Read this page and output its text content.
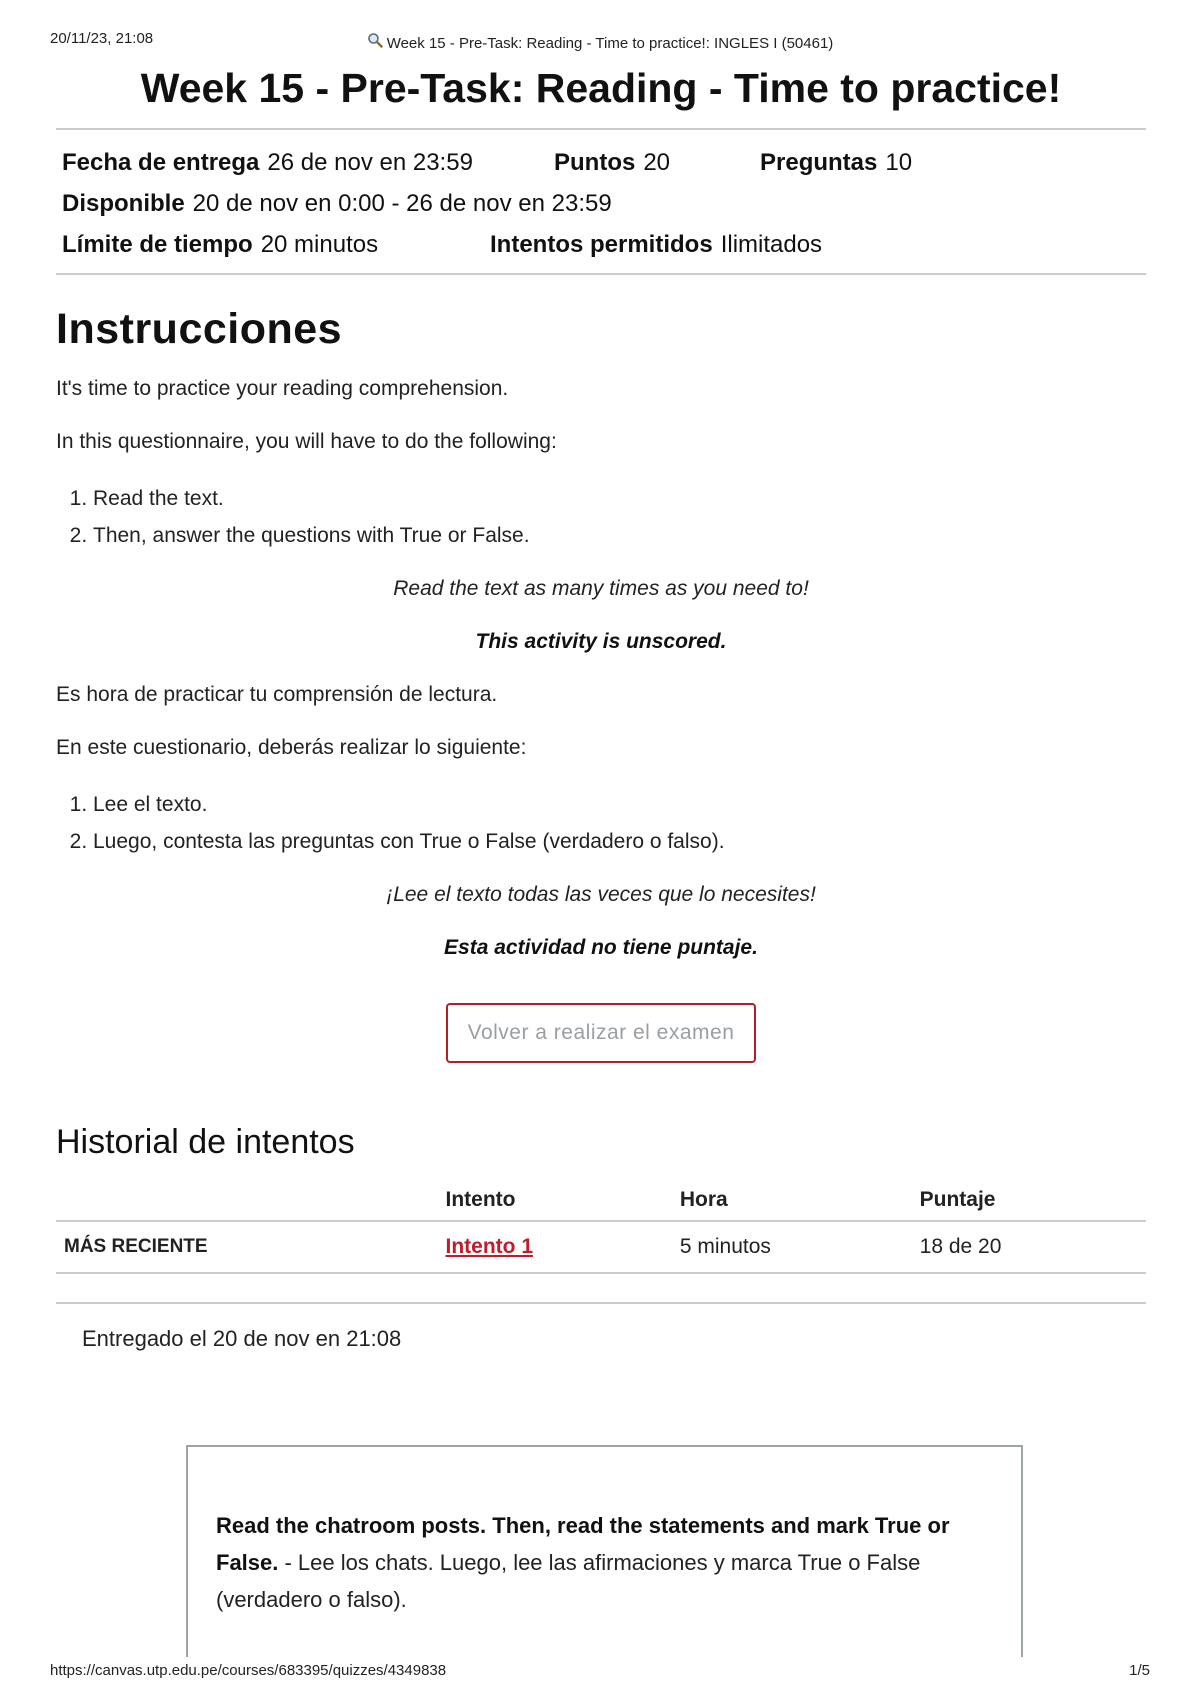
20/11/23, 21:08	Week 15 - Pre-Task: Reading - Time to practice!: INGLES I (50461)
Week 15 - Pre-Task: Reading - Time to practice!
Fecha de entrega 26 de nov en 23:59	Puntos 20	Preguntas 10
Disponible 20 de nov en 0:00 - 26 de nov en 23:59
Límite de tiempo 20 minutos	Intentos permitidos Ilimitados
Instrucciones

It's time to practice your reading comprehension.

In this questionnaire, you will have to do the following:

1. Read the text.
2. Then, answer the questions with True or False.

Read the text as many times as you need to!

This activity is unscored.

Es hora de practicar tu comprensión de lectura.

En este cuestionario, deberás realizar lo siguiente:

1. Lee el texto.
2. Luego, contesta las preguntas con True o False (verdadero o falso).

¡Lee el texto todas las veces que lo necesites!

Esta actividad no tiene puntaje.

Volver a realizar el examen
Historial de intentos
	Intento	Hora	Puntaje
MÁS RECIENTE	Intento 1	5 minutos	18 de 20
Entregado el 20 de nov en 21:08
Read the chatroom posts. Then, read the statements and mark True or False. - Lee los chats. Luego, lee las afirmaciones y marca True o False (verdadero o falso).
https://canvas.utp.edu.pe/courses/683395/quizzes/4349838	1/5
